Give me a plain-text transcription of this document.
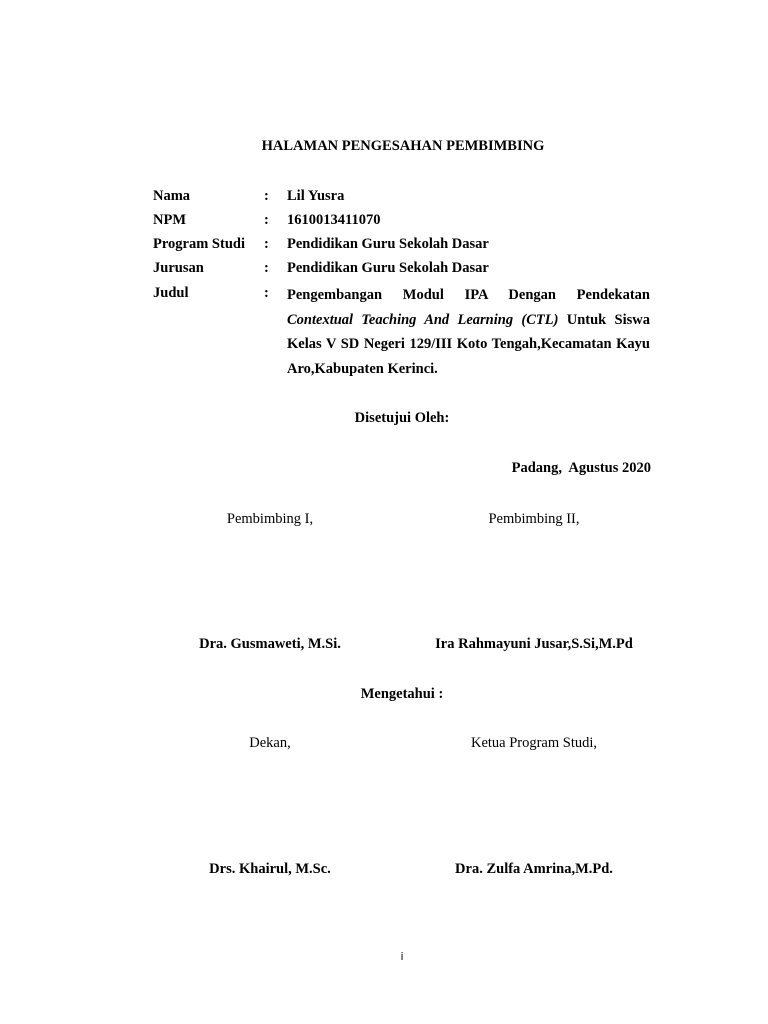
HALAMAN PENGESAHAN PEMBIMBING
Nama	: Lil Yusra
NPM	: 1610013411070
Program Studi : Pendidikan Guru Sekolah Dasar
Jurusan	: Pendidikan Guru Sekolah Dasar
Judul	: Pengembangan Modul IPA Dengan Pendekatan Contextual Teaching And Learning (CTL) Untuk Siswa Kelas V SD Negeri 129/III Koto Tengah,Kecamatan Kayu Aro,Kabupaten Kerinci.
Disetujui Oleh:
Padang,  Agustus 2020
Pembimbing I,	Pembimbing II,
Dra. Gusmaweti, M.Si.	Ira Rahmayuni Jusar,S.Si,M.Pd
Mengetahui :
Dekan,	Ketua Program Studi,
Drs. Khairul, M.Sc.	Dra. Zulfa Amrina,M.Pd.
i
